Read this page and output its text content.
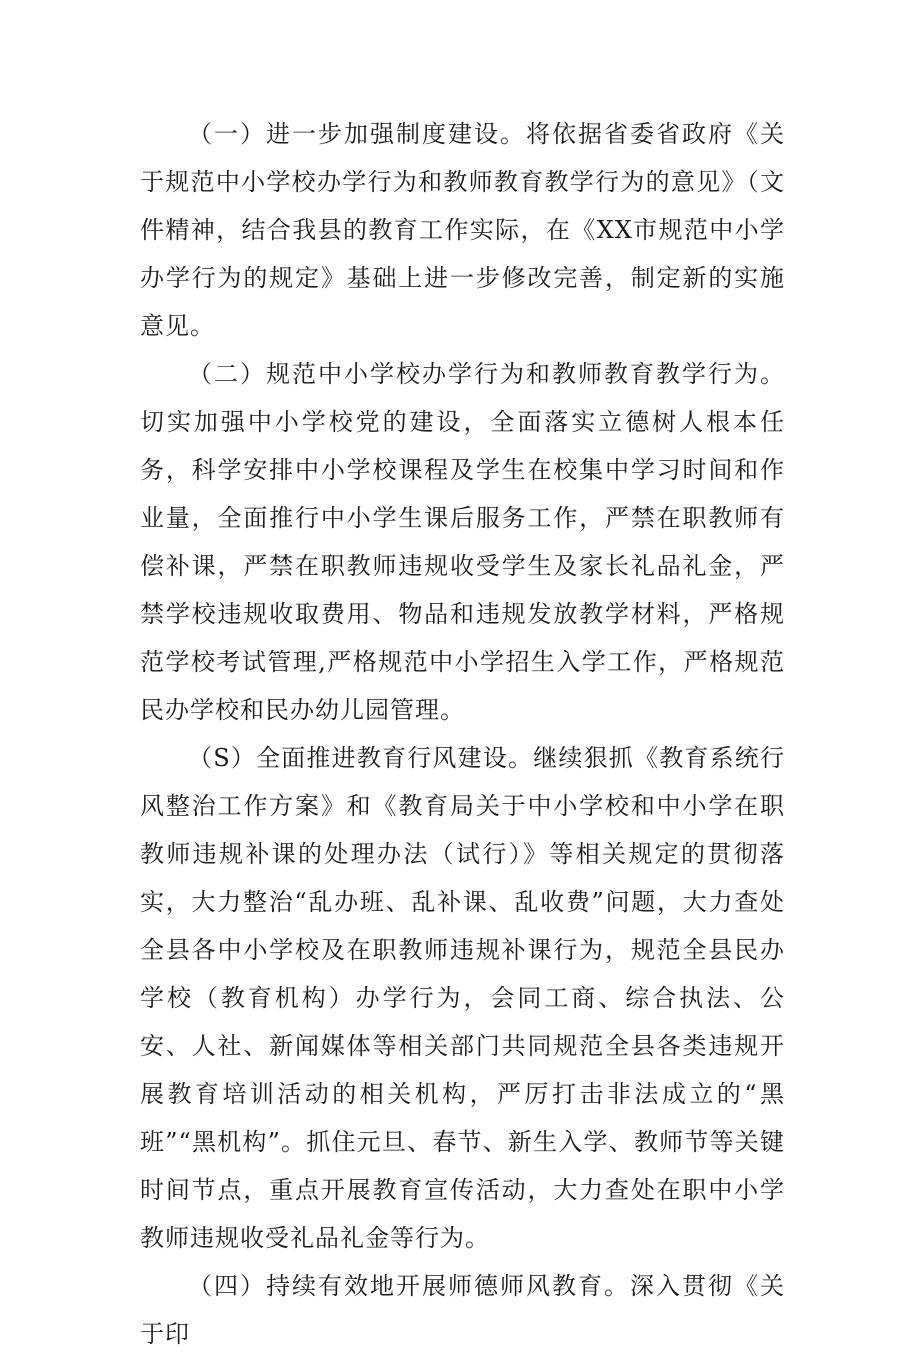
（一）进一步加强制度建设。将依据省委省政府《关于规范中小学校办学行为和教师教育教学行为的意见》（文件精神，结合我县的教育工作实际，在《XX市规范中小学办学行为的规定》基础上进一步修改完善，制定新的实施意见。

（二）规范中小学校办学行为和教师教育教学行为。切实加强中小学校党的建设，全面落实立德树人根本任务，科学安排中小学校课程及学生在校集中学习时间和作业量，全面推行中小学生课后服务工作，严禁在职教师有偿补课，严禁在职教师违规收受学生及家长礼品礼金，严禁学校违规收取费用、物品和违规发放教学材料，严格规范学校考试管理,严格规范中小学招生入学工作，严格规范民办学校和民办幼儿园管理。

（S）全面推进教育行风建设。继续狠抓《教育系统行风整治工作方案》和《教育局关于中小学校和中小学在职教师违规补课的处理办法（试行）》等相关规定的贯彻落实，大力整治“乱办班、乱补课、乱收费”问题，大力查处全县各中小学校及在职教师违规补课行为，规范全县民办学校（教育机构）办学行为，会同工商、综合执法、公安、人社、新闻媒体等相关部门共同规范全县各类违规开展教育培训活动的相关机构，严厉打击非法成立的“黑班”“黑机构”。抓住元旦、春节、新生入学、教师节等关键时间节点，重点开展教育宣传活动，大力查处在职中小学教师违规收受礼品礼金等行为。

（四）持续有效地开展师德师风教育。深入贯彻《关于印
